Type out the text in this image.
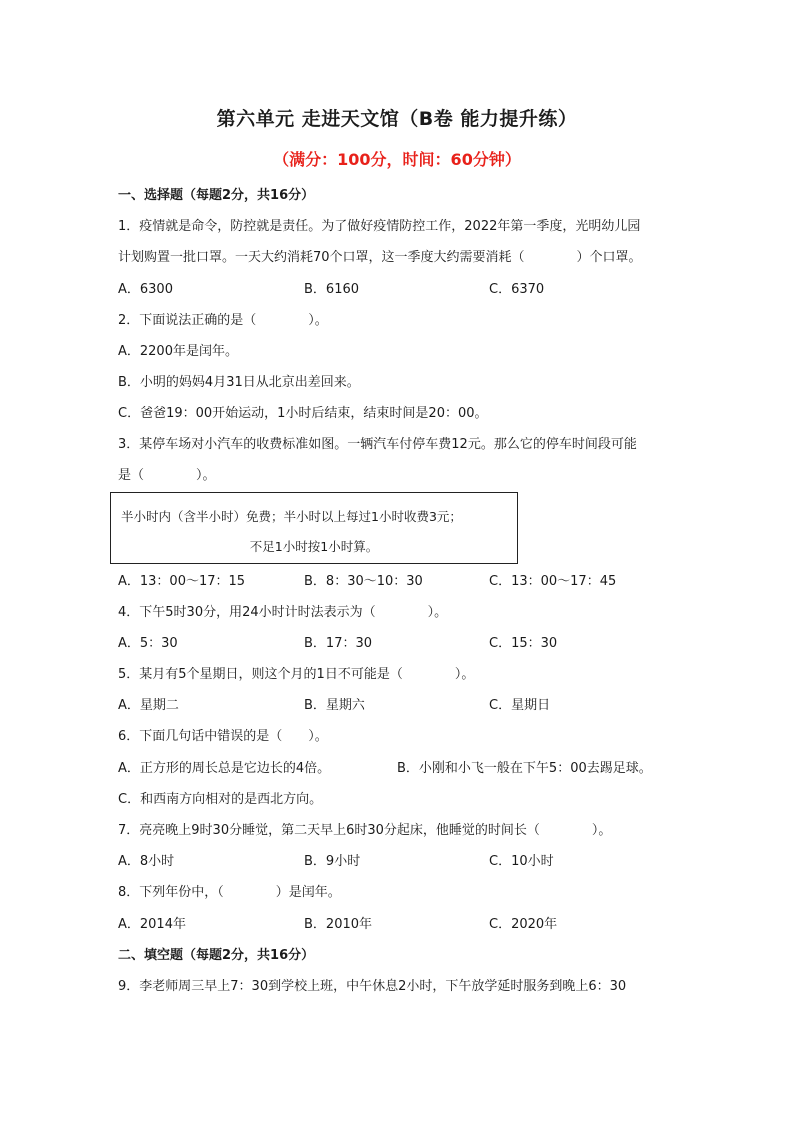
第六单元 走进天文馆（B卷 能力提升练）
（满分：100分，时间：60分钟）
一、选择题（每题2分，共16分）
1．疫情就是命令，防控就是责任。为了做好疫情防控工作，2022年第一季度，光明幼儿园
计划购置一批口罩。一天大约消耗70个口罩，这一季度大约需要消耗（　　　　）个口罩。
A．6300	B．6160	C．6370
2．下面说法正确的是（　　　　）。
A．2200年是闰年。
B．小明的妈妈4月31日从北京出差回来。
C．爸爸19：00开始运动，1小时后结束，结束时间是20：00。
3．某停车场对小汽车的收费标准如图。一辆汽车付停车费12元。那么它的停车时间段可能
是（　　　　）。
半小时内（含半小时）免费；半小时以上每过1小时收费3元；
不足1小时按1小时算。
A．13：00～17：15	B．8：30～10：30	C．13：00～17：45
4．下午5时30分，用24小时计时法表示为（　　　　）。
A．5：30	B．17：30	C．15：30
5．某月有5个星期日，则这个月的1日不可能是（　　　　）。
A．星期二	B．星期六	C．星期日
6．下面几句话中错误的是（　　）。
A．正方形的周长总是它边长的4倍。	B．小刚和小飞一般在下午5：00去踢足球。
C．和西南方向相对的是西北方向。
7．亮亮晚上9时30分睡觉，第二天早上6时30分起床，他睡觉的时间长（　　　　）。
A．8小时	B．9小时	C．10小时
8．下列年份中，（　　　　）是闰年。
A．2014年	B．2010年	C．2020年
二、填空题（每题2分，共16分）
9．李老师周三早上7：30到学校上班，中午休息2小时，下午放学延时服务到晚上6：30
